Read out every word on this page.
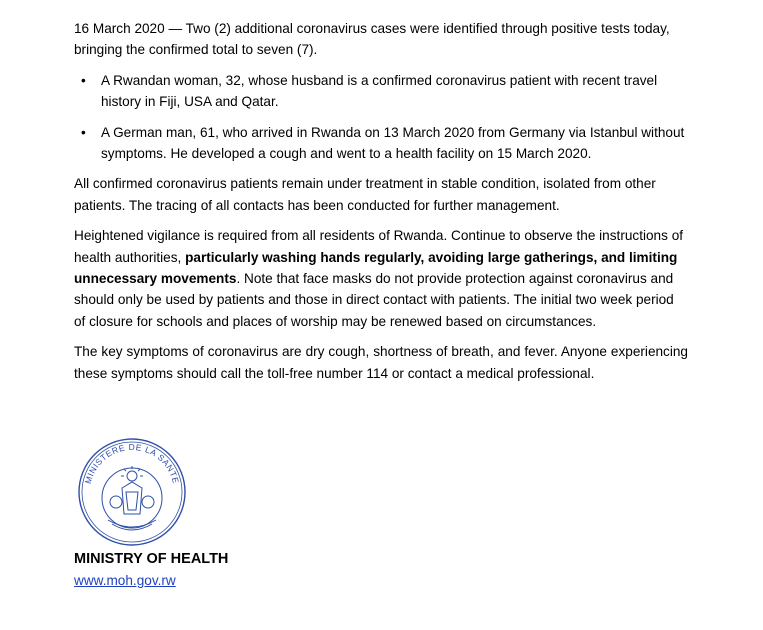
16 March 2020 — Two (2) additional coronavirus cases were identified through positive tests today, bringing the confirmed total to seven (7).

• A Rwandan woman, 32, whose husband is a confirmed coronavirus patient with recent travel history in Fiji, USA and Qatar.
• A German man, 61, who arrived in Rwanda on 13 March 2020 from Germany via Istanbul without symptoms. He developed a cough and went to a health facility on 15 March 2020.

All confirmed coronavirus patients remain under treatment in stable condition, isolated from other patients. The tracing of all contacts has been conducted for further management.

Heightened vigilance is required from all residents of Rwanda. Continue to observe the instructions of health authorities, particularly washing hands regularly, avoiding large gatherings, and limiting unnecessary movements. Note that face masks do not provide protection against coronavirus and should only be used by patients and those in direct contact with patients. The initial two week period of closure for schools and places of worship may be renewed based on circumstances.

The key symptoms of coronavirus are dry cough, shortness of breath, and fever. Anyone experiencing these symptoms should call the toll-free number 114 or contact a medical professional.

MINISTERE DE LA SANTE
MINISTRY OF HEALTH
www.moh.gov.rw
